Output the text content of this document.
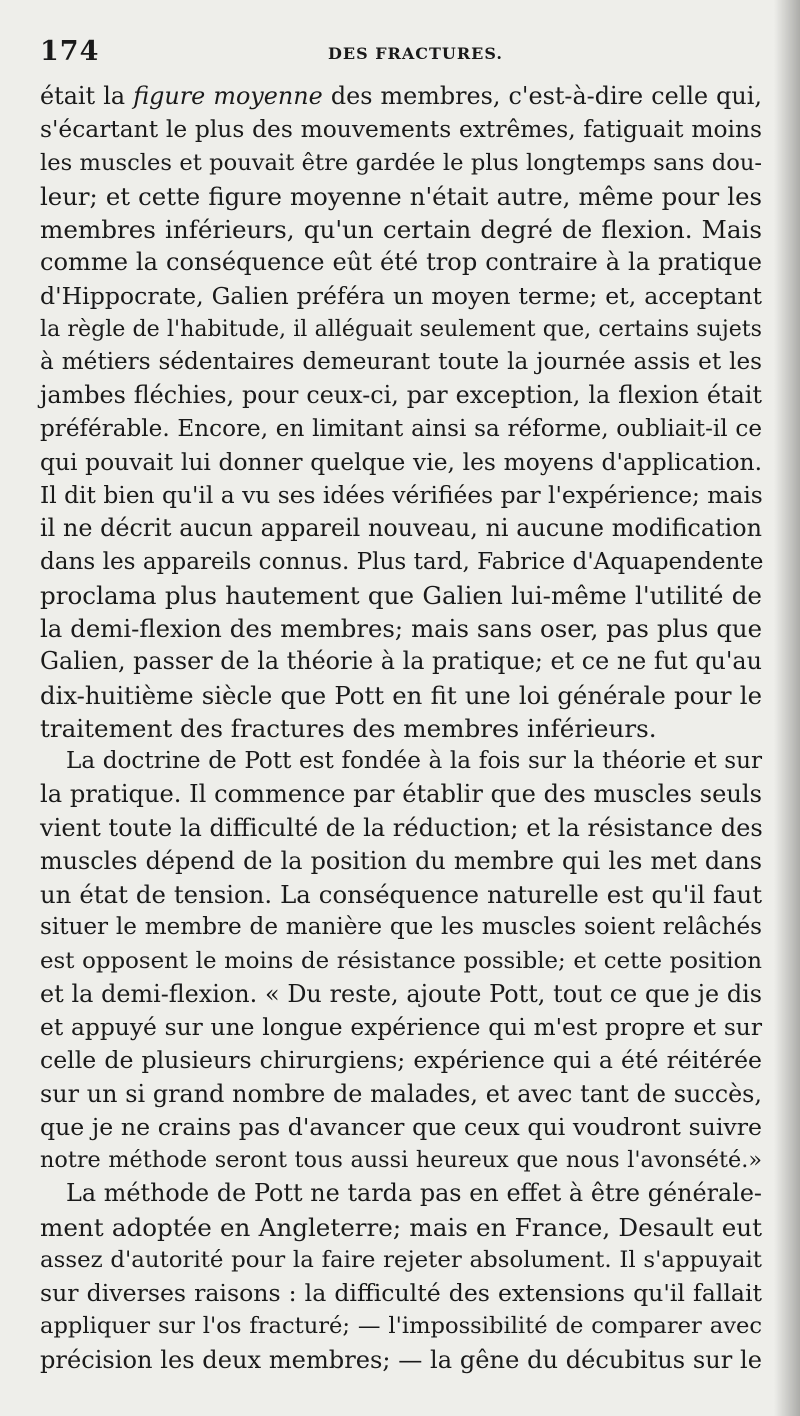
174	DES FRACTURES.
était la figure moyenne des membres, c'est-à-dire celle qui,
s'écartant le plus des mouvements extrêmes, fatiguait moins
les muscles et pouvait être gardée le plus longtemps sans dou-
leur; et cette figure moyenne n'était autre, même pour les
membres inférieurs, qu'un certain degré de flexion. Mais
comme la conséquence eût été trop contraire à la pratique
d'Hippocrate, Galien préféra un moyen terme; et, acceptant
la règle de l'habitude, il alléguait seulement que, certains sujets
à métiers sédentaires demeurant toute la journée assis et les
jambes fléchies, pour ceux-ci, par exception, la flexion était
préférable. Encore, en limitant ainsi sa réforme, oubliait-il ce
qui pouvait lui donner quelque vie, les moyens d'application.
Il dit bien qu'il a vu ses idées vérifiées par l'expérience; mais
il ne décrit aucun appareil nouveau, ni aucune modification
dans les appareils connus. Plus tard, Fabrice d'Aquapendente
proclama plus hautement que Galien lui-même l'utilité de
la demi-flexion des membres; mais sans oser, pas plus que
Galien, passer de la théorie à la pratique; et ce ne fut qu'au
dix-huitième siècle que Pott en fit une loi générale pour le
traitement des fractures des membres inférieurs.
La doctrine de Pott est fondée à la fois sur la théorie et sur
la pratique. Il commence par établir que des muscles seuls
vient toute la difficulté de la réduction; et la résistance des
muscles dépend de la position du membre qui les met dans
un état de tension. La conséquence naturelle est qu'il faut
situer le membre de manière que les muscles soient relâchés
est opposent le moins de résistance possible; et cette position
et la demi-flexion. « Du reste, ajoute Pott, tout ce que je dis
et appuyé sur une longue expérience qui m'est propre et sur
celle de plusieurs chirurgiens; expérience qui a été réitérée
sur un si grand nombre de malades, et avec tant de succès,
que je ne crains pas d'avancer que ceux qui voudront suivre
notre méthode seront tous aussi heureux que nous l'avonsété.»
La méthode de Pott ne tarda pas en effet à être générale-
ment adoptée en Angleterre; mais en France, Desault eut
assez d'autorité pour la faire rejeter absolument. Il s'appuyait
sur diverses raisons : la difficulté des extensions qu'il fallait
appliquer sur l'os fracturé; — l'impossibilité de comparer avec
précision les deux membres; — la gêne du décubitus sur le
